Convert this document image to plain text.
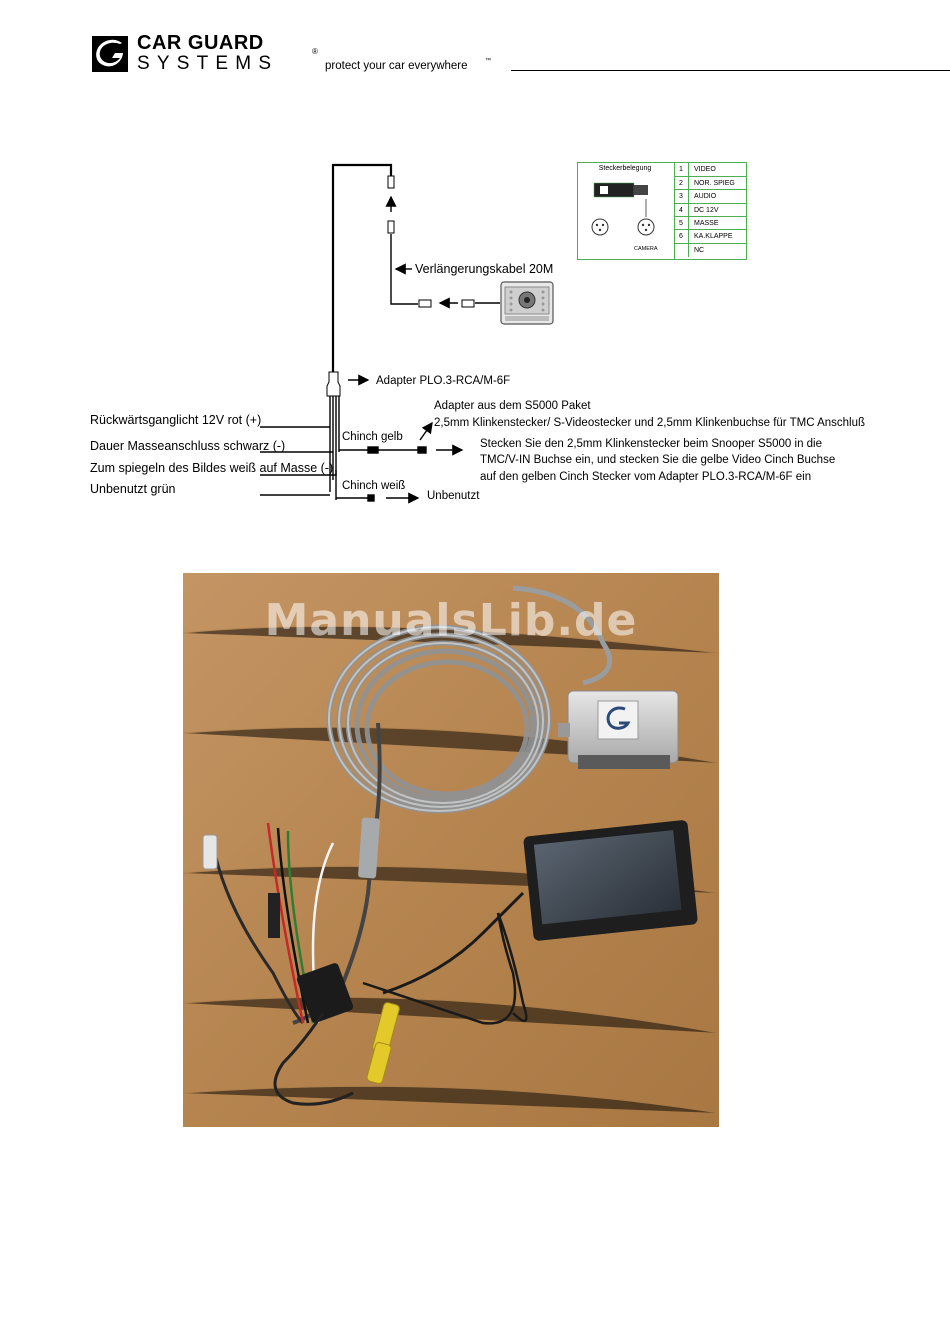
CAR GUARD
SYSTEMS
®
protect your car everywhere	™
Verlängerungskabel 20M
Adapter PLO.3-RCA/M-6F
Rückwärtsganglicht 12V rot (+)
Dauer Masseanschluss schwarz (-)
Zum spiegeln des Bildes weiß auf Masse (-)
Unbenutzt grün
Chinch gelb
Chinch weiß
Unbenutzt
Adapter aus dem S5000 Paket
2,5mm Klinkenstecker/ S-Videostecker und 2,5mm Klinkenbuchse für TMC Anschluß
Stecken Sie den 2,5mm Klinkenstecker beim Snooper S5000 in die
TMC/V-IN Buchse ein, und stecken Sie die gelbe Video Cinch Buchse
auf den gelben Cinch Stecker vom Adapter PLO.3-RCA/M-6F ein
Steckerbelegung
CAMERA
1	VIDEO
2	NOR. SPIEG
3	AUDIO
4	DC 12V
5	MASSE
6	KA.KLAPPE
NC
ManualsLib.de
